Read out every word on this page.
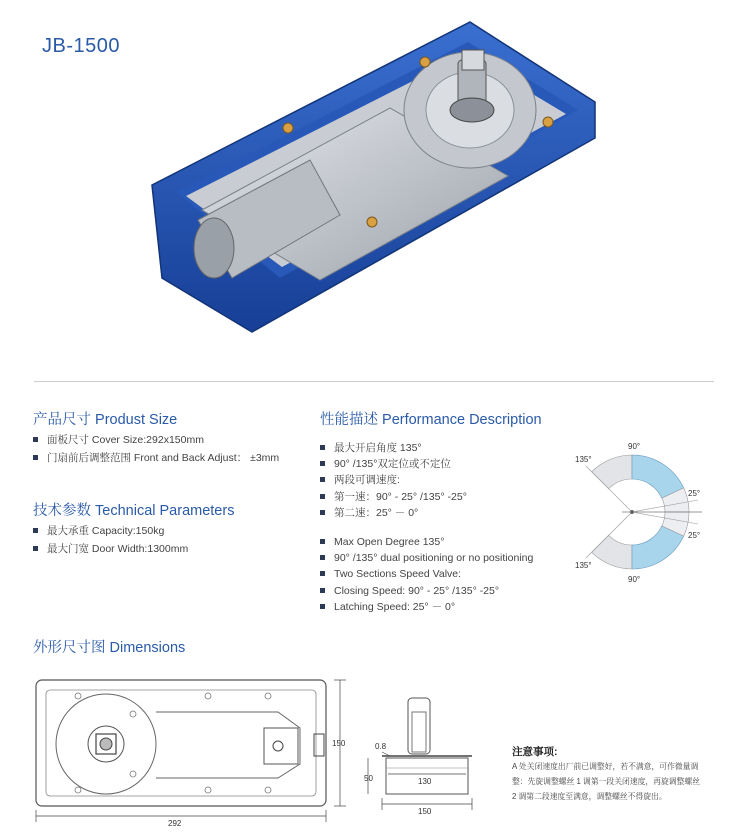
JB-1500
产品尺寸 Produst Size
面板尺寸 Cover Size:292x150mm
门扇前后调整范围 Front and Back Adjust： ±3mm
技术参数 Technical Parameters
最大承重 Capacity:150kg
最大门宽 Door Width:1300mm
性能描述 Performance Description
最大开启角度 135°
90° /135°双定位或不定位
两段可调速度:
第一速：90° - 25° /135° -25°
第二速：25° － 0°
Max Open Degree 135°
90° /135° dual positioning or no positioning
Two Sections Speed Valve:
Closing Speed: 90° - 25° /135° -25°
Latching Speed: 25° － 0°
90°
90°
135°
135°
25°
25°
外形尺寸图 Dimensions
292
150	0.8
50	130
150
注意事项:
A 处关闭速度出厂前已调整好，若不满意，可作微量调整：先旋调整螺丝 1 调第一段关闭速度，再旋调整螺丝 2 调第二段速度至满意，调整螺丝不得旋出。
